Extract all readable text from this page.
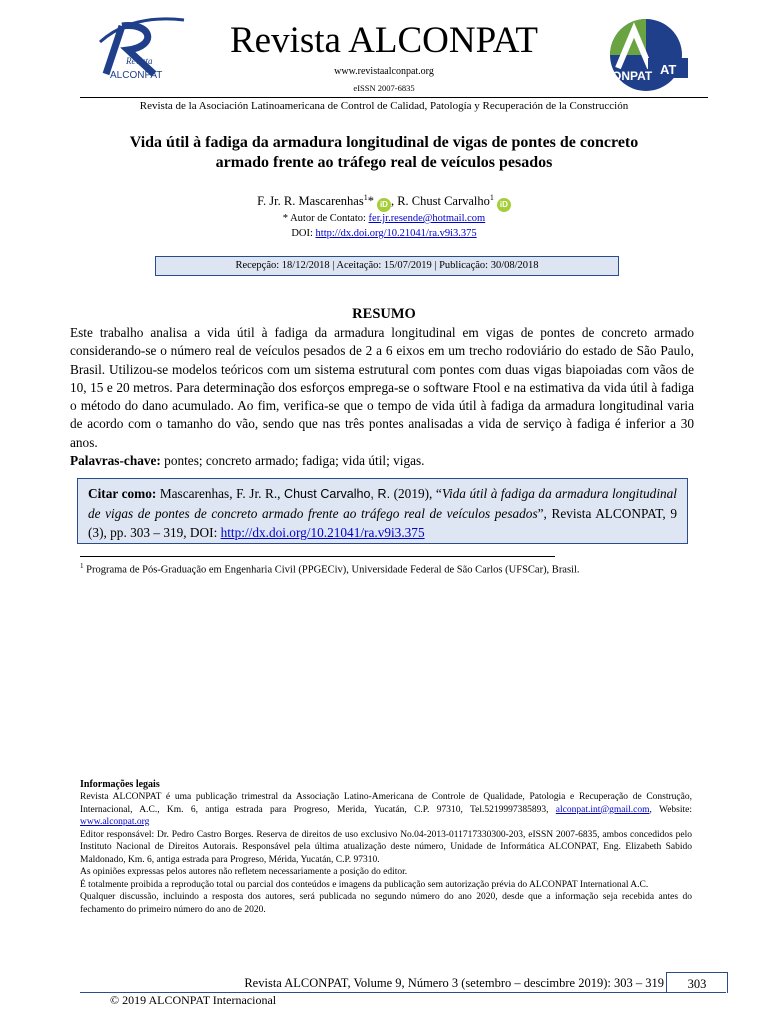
Revista
ALCONPAT	ONPAT AT
Revista ALCONPAT
www.revistaalconpat.org
eISSN 2007-6835
Revista de la Asociación Latinoamericana de Control de Calidad, Patología y Recuperación de la Construcción
Vida útil à fadiga da armadura longitudinal de vigas de pontes de concreto
armado frente ao tráfego real de veículos pesados
F. Jr. R. Mascarenhas$^1$* iD , R. Chust Carvalho$^1$iD
* Autor de Contato: fer.jr.resende@hotmail.com
DOI: http://dx.doi.org/10.21041/ra.v9i3.375
Recepção: 18/12/2018 | Aceitação: 15/07/2019 | Publicação: 30/08/2018
RESUMO
Este trabalho analisa a vida útil à fadiga da armadura longitudinal em vigas de pontes de concreto armado considerando-se o número real de veículos pesados de 2 a 6 eixos em um trecho rodoviário do estado de São Paulo, Brasil. Utilizou-se modelos teóricos com um sistema estrutural com pontes com duas vigas biapoiadas com vãos de 10, 15 e 20 metros. Para determinação dos esforços emprega-se o software Ftool e na estimativa da vida útil à fadiga o método do dano acumulado. Ao fim, verifica-se que o tempo de vida útil à fadiga da armadura longitudinal varia de acordo com o tamanho do vão, sendo que nas três pontes analisadas a vida de serviço à fadiga é inferior a 30 anos.
Palavras-chave: pontes; concreto armado; fadiga; vida útil; vigas.
Citar como: Mascarenhas, F. Jr. R., Chust Carvalho, R. (2019), “Vida útil à fadiga da armadura longitudinal de vigas de pontes de concreto armado frente ao tráfego real de veículos pesados”, Revista ALCONPAT, 9 (3), pp. 303 – 319, DOI: http://dx.doi.org/10.21041/ra.v9i3.375
$^1$ Programa de Pós-Graduação em Engenharia Civil (PPGECiv), Universidade Federal de São Carlos (UFSCar), Brasil.
Informações legais

Revista ALCONPAT é uma publicação trimestral da Associação Latino-Americana de Controle de Qualidade, Patologia e Recuperação de Construção, Internacional, A.C., Km. 6, antiga estrada para Progreso, Merida, Yucatán, C.P. 97310, Tel.5219997385893, alconpat.int@gmail.com, Website: www.alconpat.org

Editor responsável: Dr. Pedro Castro Borges. Reserva de direitos de uso exclusivo No.04-2013-011717330300-203, eISSN 2007-6835, ambos concedidos pelo Instituto Nacional de Direitos Autorais. Responsável pela última atualização deste número, Unidade de Informática ALCONPAT, Eng. Elizabeth Sabido Maldonado, Km. 6, antiga estrada para Progreso, Mérida, Yucatán, C.P. 97310.

As opiniões expressas pelos autores não refletem necessariamente a posição do editor.

É totalmente proibida a reprodução total ou parcial dos conteúdos e imagens da publicação sem autorização prévia do ALCONPAT International A.C.

Qualquer discussão, incluindo a resposta dos autores, será publicada no segundo número do ano 2020, desde que a informação seja recebida antes do fechamento do primeiro número do ano de 2020.

Revista ALCONPAT, Volume 9, Número 3 (setembro – descimbre 2019): 303 – 319	303
© 2019 ALCONPAT Internacional
